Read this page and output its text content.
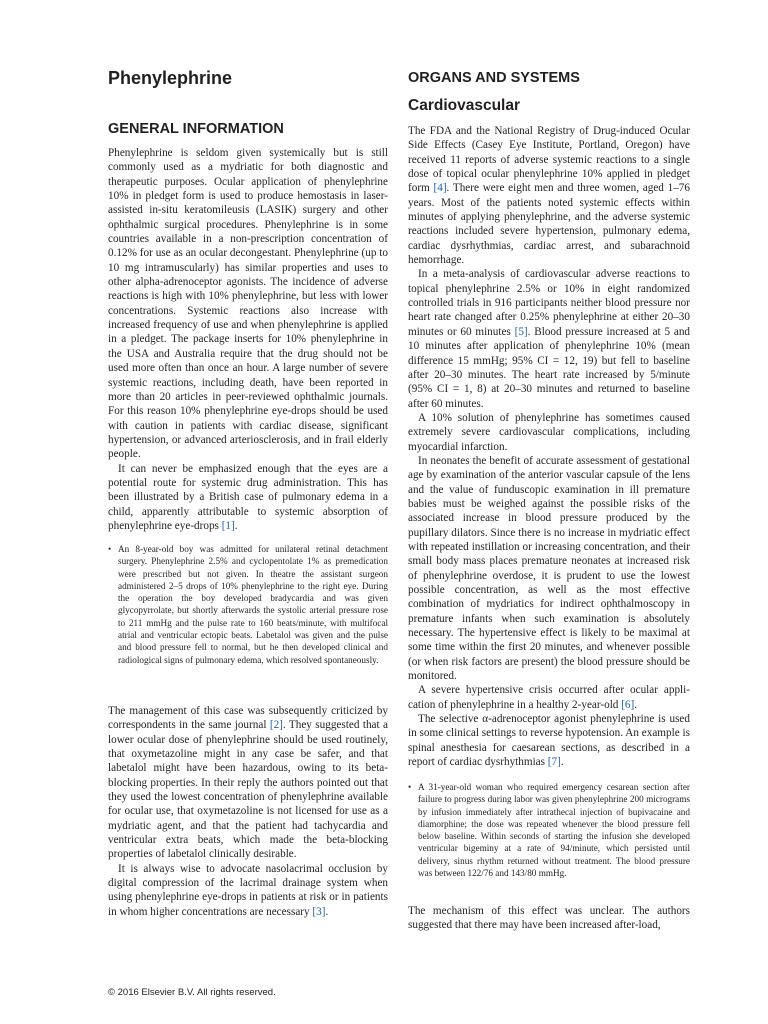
Phenylephrine
GENERAL INFORMATION

Phenylephrine is seldom given systemically but is still commonly used as a mydriatic for both diagnostic and therapeutic purposes. Ocular application of phenylephrine 10% in pledget form is used to produce hemostasis in laser-assisted in-situ keratomileusis (LASIK) surgery and other ophthalmic surgical procedures. Phenylephrine is in some countries available in a non-prescription concentration of 0.12% for use as an ocular decongestant. Phenylephrine (up to 10 mg intramuscularly) has similar properties and uses to other alpha-adrenoceptor agonists. The incidence of adverse reactions is high with 10% phenylephrine, but less with lower concentrations. Systemic reactions also increase with increased frequency of use and when phenylephrine is applied in a pledget. The package inserts for 10% phenylephrine in the USA and Australia require that the drug should not be used more often than once an hour. A large number of severe systemic reactions, including death, have been reported in more than 20 articles in peer-reviewed ophthalmic journals. For this reason 10% phenylephrine eye-drops should be used with caution in patients with cardiac disease, significant hypertension, or advanced arteriosclerosis, and in frail elderly people.

It can never be emphasized enough that the eyes are a potential route for systemic drug administration. This has been illustrated by a British case of pulmonary edema in a child, apparently attributable to systemic absorption of phenylephrine eye-drops [1].

• An 8-year-old boy was admitted for unilateral retinal detachment surgery. Phenylephrine 2.5% and cyclopentolate 1% as premedication were prescribed but not given. In theatre the assistant surgeon administered 2–5 drops of 10% phenylephrine to the right eye. During the operation the boy developed bradycardia and was given glycopyrrolate, but shortly afterwards the systolic arterial pressure rose to 211 mmHg and the pulse rate to 160 beats/minute, with multifocal atrial and ventricular ectopic beats. Labetalol was given and the pulse and blood pressure fell to normal, but he then developed clinical and radiological signs of pulmonary edema, which resolved spontaneously.

The management of this case was subsequently criticized by correspondents in the same journal [2]. They suggested that a lower ocular dose of phenylephrine should be used routinely, that oxymetazoline might in any case be safer, and that labetalol might have been hazardous, owing to its beta-blocking properties. In their reply the authors pointed out that they used the lowest concentration of phenylephrine available for ocular use, that oxymetazoline is not licensed for use as a mydriatic agent, and that the patient had tachycardia and ventricular extra beats, which made the beta-blocking properties of labetalol clinically desirable.

It is always wise to advocate nasolacrimal occlusion by digital compression of the lacrimal drainage system when using phenylephrine eye-drops in patients at risk or in patients in whom higher concentrations are necessary [3].

ORGANS AND SYSTEMS
Cardiovascular

The FDA and the National Registry of Drug-induced Ocular Side Effects (Casey Eye Institute, Portland, Oregon) have received 11 reports of adverse systemic reactions to a single dose of topical ocular phenylephrine 10% applied in pledget form [4]. There were eight men and three women, aged 1–76 years. Most of the patients noted systemic effects within minutes of applying phenylephrine, and the adverse systemic reactions included severe hypertension, pulmonary edema, cardiac dysrhythmias, cardiac arrest, and subarachnoid hemorrhage.

In a meta-analysis of cardiovascular adverse reactions to topical phenylephrine 2.5% or 10% in eight randomized controlled trials in 916 participants neither blood pressure nor heart rate changed after 0.25% phenylephrine at either 20–30 minutes or 60 minutes [5]. Blood pressure increased at 5 and 10 minutes after application of phenylephrine 10% (mean difference 15 mmHg; 95% CI = 12, 19) but fell to baseline after 20–30 minutes. The heart rate increased by 5/minute (95% CI = 1, 8) at 20–30 minutes and returned to baseline after 60 minutes.

A 10% solution of phenylephrine has sometimes caused extremely severe cardiovascular complications, including myocardial infarction.

In neonates the benefit of accurate assessment of gestational age by examination of the anterior vascular capsule of the lens and the value of funduscopic examination in ill premature babies must be weighed against the possible risks of the associated increase in blood pressure produced by the pupillary dilators. Since there is no increase in mydriatic effect with repeated instillation or increasing concentration, and their small body mass places premature neonates at increased risk of phenylephrine overdose, it is prudent to use the lowest possible concentration, as well as the most effective combination of mydriatics for indirect ophthalmoscopy in premature infants when such examination is absolutely necessary. The hypertensive effect is likely to be maximal at some time within the first 20 minutes, and whenever possible (or when risk factors are present) the blood pressure should be monitored.

A severe hypertensive crisis occurred after ocular application of phenylephrine in a healthy 2-year-old [6].

The selective α-adrenoceptor agonist phenylephrine is used in some clinical settings to reverse hypotension. An example is spinal anesthesia for caesarean sections, as described in a report of cardiac dysrhythmias [7].

• A 31-year-old woman who required emergency cesarean section after failure to progress during labor was given phenylephrine 200 micrograms by infusion immediately after intrathecal injection of bupivacaine and diamorphine; the dose was repeated whenever the blood pressure fell below baseline. Within seconds of starting the infusion she developed ventricular bigeminy at a rate of 94/minute, which persisted until delivery, sinus rhythm returned without treatment. The blood pressure was between 122/76 and 143/80 mmHg.

The mechanism of this effect was unclear. The authors suggested that there may have been increased after-load,

© 2016 Elsevier B.V. All rights reserved.
